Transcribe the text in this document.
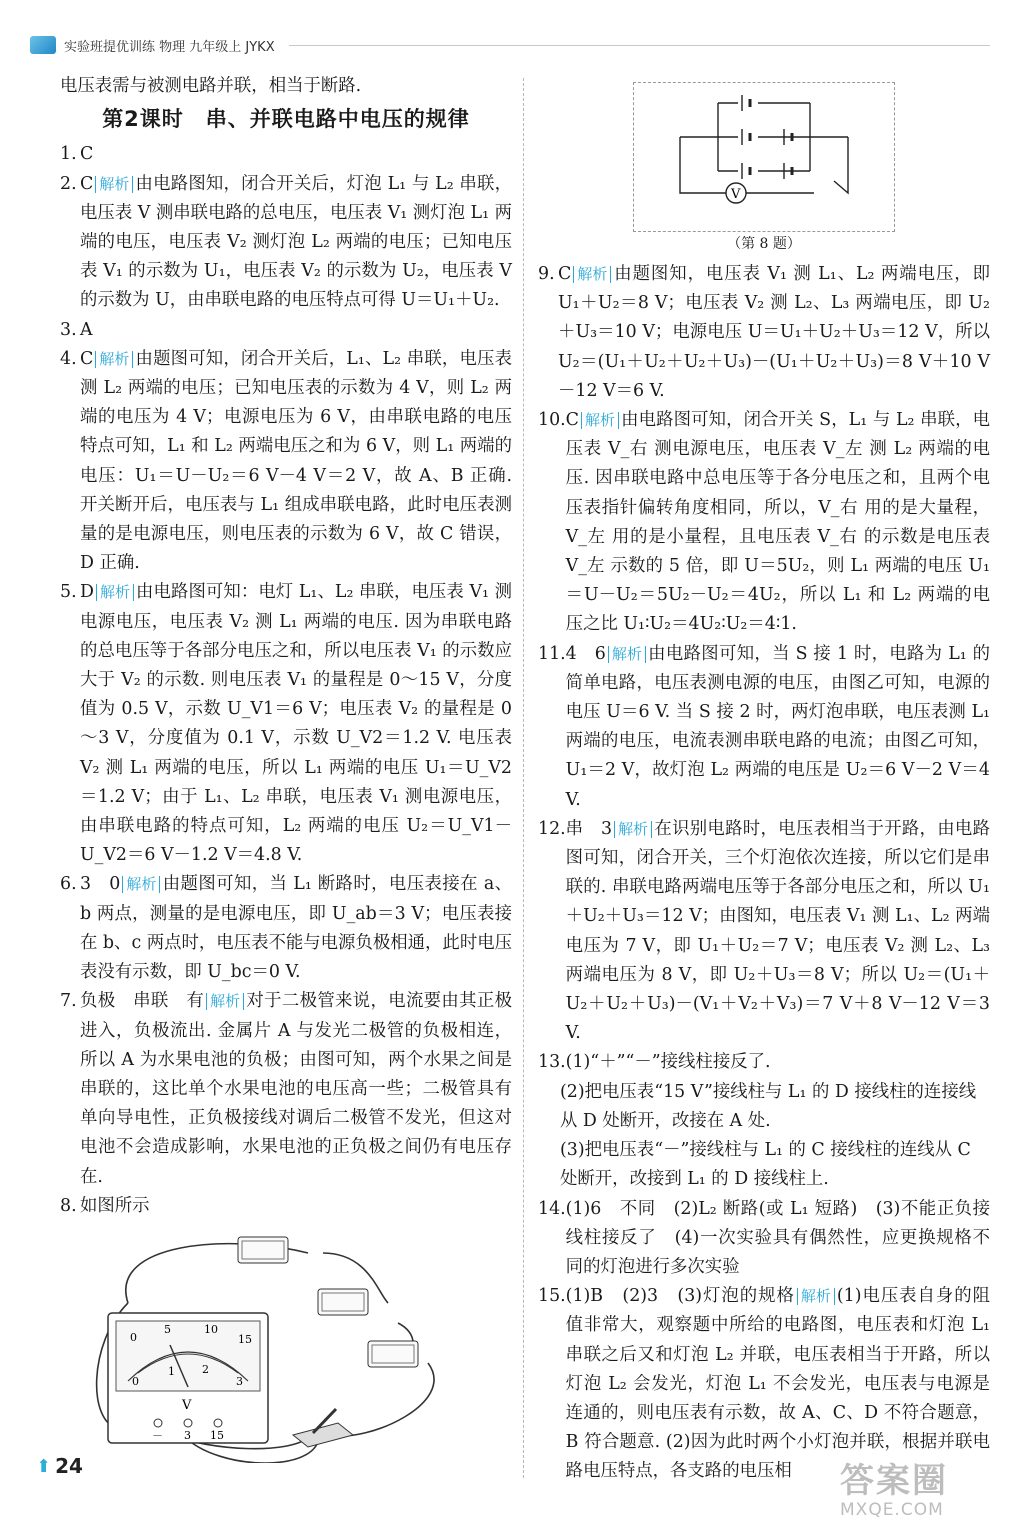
实验班提优训练 物理 九年级上 JYKX
电压表需与被测电路并联，相当于断路.
第2课时　串、并联电路中电压的规律
1. C
2. C 解析 由电路图知，闭合开关后，灯泡 L₁ 与 L₂ 串联，电压表 V 测串联电路的总电压，电压表 V₁ 测灯泡 L₁ 两端的电压，电压表 V₂ 测灯泡 L₂ 两端的电压；已知电压表 V₁ 的示数为 U₁，电压表 V₂ 的示数为 U₂，电压表 V 的示数为 U，由串联电路的电压特点可得 U＝U₁＋U₂.
3. A
4. C 解析 由题图可知，闭合开关后，L₁、L₂ 串联，电压表测 L₂ 两端的电压；已知电压表的示数为 4 V，则 L₂ 两端的电压为 4 V；电源电压为 6 V，由串联电路的电压特点可知，L₁ 和 L₂ 两端电压之和为 6 V，则 L₁ 两端的电压：U₁＝U－U₂＝6 V－4 V＝2 V，故 A、B 正确. 开关断开后，电压表与 L₁ 组成串联电路，此时电压表测量的是电源电压，则电压表的示数为 6 V，故 C 错误，D 正确.
5. D 解析 由电路图可知：电灯 L₁、L₂ 串联，电压表 V₁ 测电源电压，电压表 V₂ 测 L₁ 两端的电压. 因为串联电路的总电压等于各部分电压之和，所以电压表 V₁ 的示数应大于 V₂ 的示数. 则电压表 V₁ 的量程是 0～15 V，分度值为 0.5 V，示数 U_V1＝6 V；电压表 V₂ 的量程是 0～3 V，分度值为 0.1 V，示数 U_V2＝1.2 V. 电压表 V₂ 测 L₁ 两端的电压，所以 L₁ 两端的电压 U₁＝U_V2＝1.2 V；由于 L₁、L₂ 串联，电压表 V₁ 测电源电压，由串联电路的特点可知，L₂ 两端的电压 U₂＝U_V1－U_V2＝6 V－1.2 V＝4.8 V.
6. 3　0 解析 由题图可知，当 L₁ 断路时，电压表接在 a、b 两点，测量的是电源电压，即 U_ab＝3 V；电压表接在 b、c 两点时，电压表不能与电源负极相通，此时电压表没有示数，即 U_bc＝0 V.
7. 负极　串联　有 解析 对于二极管来说，电流要由其正极进入，负极流出. 金属片 A 与发光二极管的负极相连，所以 A 为水果电池的负极；由图可知，两个水果之间是串联的，这比单个水果电池的电压高一些；二极管具有单向导电性，正负极接线对调后二极管不发光，但这对电池不会造成影响，水果电池的正负极之间仍有电压存在.
8. 如图所示
0
5	10
15
0
1 2
3
V
－ 3 15
V
（第 8 题）
9. C 解析 由题图知，电压表 V₁ 测 L₁、L₂ 两端电压，即 U₁＋U₂＝8 V；电压表 V₂ 测 L₂、L₃ 两端电压，即 U₂＋U₃＝10 V；电源电压 U＝U₁＋U₂＋U₃＝12 V，所以 U₂＝(U₁＋U₂＋U₂＋U₃)－(U₁＋U₂＋U₃)＝8 V＋10 V－12 V＝6 V.
10. C 解析 由电路图可知，闭合开关 S，L₁ 与 L₂ 串联，电压表 V_右 测电源电压，电压表 V_左 测 L₂ 两端的电压. 因串联电路中总电压等于各分电压之和，且两个电压表指针偏转角度相同，所以，V_右 用的是大量程，V_左 用的是小量程，且电压表 V_右 的示数是电压表 V_左 示数的 5 倍，即 U＝5U₂，则 L₁ 两端的电压 U₁＝U－U₂＝5U₂－U₂＝4U₂，所以 L₁ 和 L₂ 两端的电压之比 U₁∶U₂＝4U₂∶U₂＝4∶1.
11. 4　6 解析 由电路图可知，当 S 接 1 时，电路为 L₁ 的简单电路，电压表测电源的电压，由图乙可知，电源的电压 U＝6 V. 当 S 接 2 时，两灯泡串联，电压表测 L₁ 两端的电压，电流表测串联电路的电流；由图乙可知，U₁＝2 V，故灯泡 L₂ 两端的电压是 U₂＝6 V－2 V＝4 V.
12. 串　3 解析 在识别电路时，电压表相当于开路，由电路图可知，闭合开关，三个灯泡依次连接，所以它们是串联的. 串联电路两端电压等于各部分电压之和，所以 U₁＋U₂＋U₃＝12 V；由图知，电压表 V₁ 测 L₁、L₂ 两端电压为 7 V，即 U₁＋U₂＝7 V；电压表 V₂ 测 L₂、L₃ 两端电压为 8 V，即 U₂＋U₃＝8 V；所以 U₂＝(U₁＋U₂＋U₂＋U₃)－(V₁＋V₂＋V₃)＝7 V＋8 V－12 V＝3 V.
13. (1)“＋”“－”接线柱接反了.
(2)把电压表“15 V”接线柱与 L₁ 的 D 接线柱的连接线从 D 处断开，改接在 A 处.
(3)把电压表“－”接线柱与 L₁ 的 C 接线柱的连线从 C 处断开，改接到 L₁ 的 D 接线柱上.
14. (1)6　不同　(2)L₂ 断路(或 L₁ 短路)　(3)不能正负接线柱接反了　(4)一次实验具有偶然性，应更换规格不同的灯泡进行多次实验
15. (1)B　(2)3　(3)灯泡的规格 解析 (1)电压表自身的阻值非常大，观察题中所给的电路图，电压表和灯泡 L₁ 串联之后又和灯泡 L₂ 并联，电压表相当于开路，所以灯泡 L₂ 会发光，灯泡 L₁ 不会发光，电压表与电源是连通的，则电压表有示数，故 A、C、D 不符合题意，B 符合题意. (2)因为此时两个小灯泡并联，根据并联电路电压特点，各支路的电压相
⬆ 24	答案圈
MXQE.COM
